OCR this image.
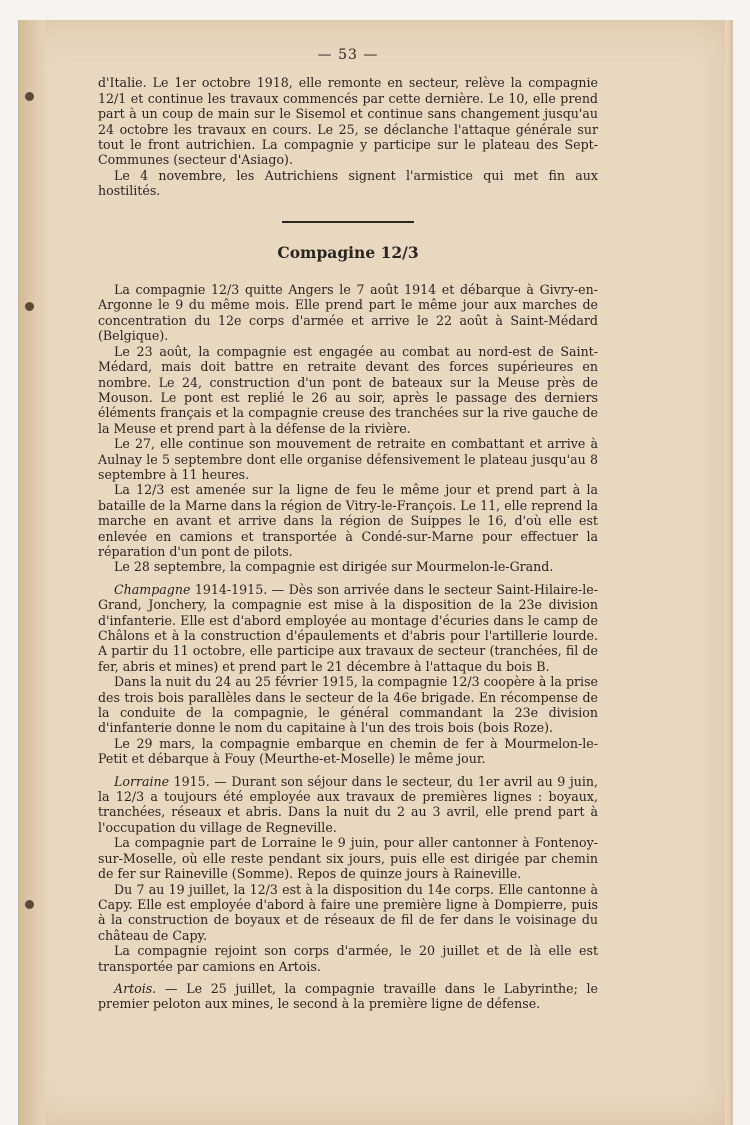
— 53 —

d'Italie. Le 1er octobre 1918, elle remonte en secteur, relève la compagnie 12/1 et continue les travaux commencés par cette dernière. Le 10, elle prend part à un coup de main sur le Sisemol et continue sans changement jusqu'au 24 octobre les travaux en cours. Le 25, se déclanche l'attaque générale sur tout le front autrichien. La compagnie y participe sur le plateau des Sept-Communes (secteur d'Asiago).

Le 4 novembre, les Autrichiens signent l'armistice qui met fin aux hostilités.

Compagine 12/3

La compagnie 12/3 quitte Angers le 7 août 1914 et débarque à Givry-en-Argonne le 9 du même mois. Elle prend part le même jour aux marches de concentration du 12e corps d'armée et arrive le 22 août à Saint-Médard (Belgique).

Le 23 août, la compagnie est engagée au combat au nord-est de Saint-Médard, mais doit battre en retraite devant des forces supérieures en nombre. Le 24, construction d'un pont de bateaux sur la Meuse près de Mouson. Le pont est replié le 26 au soir, après le passage des derniers éléments français et la compagnie creuse des tranchées sur la rive gauche de la Meuse et prend part à la défense de la rivière.

Le 27, elle continue son mouvement de retraite en combattant et arrive à Aulnay le 5 septembre dont elle organise défensivement le plateau jusqu'au 8 septembre à 11 heures.

La 12/3 est amenée sur la ligne de feu le même jour et prend part à la bataille de la Marne dans la région de Vitry-le-François. Le 11, elle reprend la marche en avant et arrive dans la région de Suippes le 16, d'où elle est enlevée en camions et transportée à Condé-sur-Marne pour effectuer la réparation d'un pont de pilots.

Le 28 septembre, la compagnie est dirigée sur Mourmelon-le-Grand.

Champagne 1914-1915. — Dès son arrivée dans le secteur Saint-Hilaire-le-Grand, Jonchery, la compagnie est mise à la disposition de la 23e division d'infanterie. Elle est d'abord employée au montage d'écuries dans le camp de Châlons et à la construction d'épaulements et d'abris pour l'artillerie lourde. A partir du 11 octobre, elle participe aux travaux de secteur (tranchées, fil de fer, abris et mines) et prend part le 21 décembre à l'attaque du bois B.

Dans la nuit du 24 au 25 février 1915, la compagnie 12/3 coopère à la prise des trois bois parallèles dans le secteur de la 46e brigade. En récompense de la conduite de la compagnie, le général commandant la 23e division d'infanterie donne le nom du capitaine à l'un des trois bois (bois Roze).

Le 29 mars, la compagnie embarque en chemin de fer à Mourmelon-le-Petit et débarque à Fouy (Meurthe-et-Moselle) le même jour.

Lorraine 1915. — Durant son séjour dans le secteur, du 1er avril au 9 juin, la 12/3 a toujours été employée aux travaux de premières lignes : boyaux, tranchées, réseaux et abris. Dans la nuit du 2 au 3 avril, elle prend part à l'occupation du village de Regneville.

La compagnie part de Lorraine le 9 juin, pour aller cantonner à Fontenoy-sur-Moselle, où elle reste pendant six jours, puis elle est dirigée par chemin de fer sur Raineville (Somme). Repos de quinze jours à Raineville.

Du 7 au 19 juillet, la 12/3 est à la disposition du 14e corps. Elle cantonne à Capy. Elle est employée d'abord à faire une première ligne à Dompierre, puis à la construction de boyaux et de réseaux de fil de fer dans le voisinage du château de Capy.

La compagnie rejoint son corps d'armée, le 20 juillet et de là elle est transportée par camions en Artois.

Artois. — Le 25 juillet, la compagnie travaille dans le Labyrinthe; le premier peloton aux mines, le second à la première ligne de défense.
